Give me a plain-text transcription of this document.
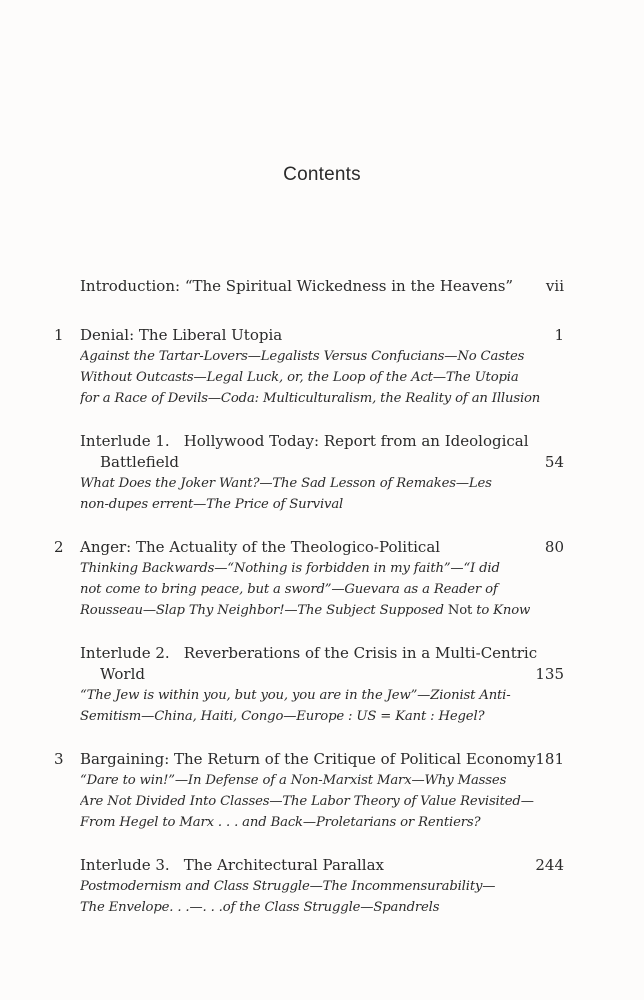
Contents
Introduction: “The Spiritual Wickedness in the Heavens”	vii
1 Denial: The Liberal Utopia	1
Against the Tartar-Lovers—Legalists Versus Confucians—No Castes
Without Outcasts—Legal Luck, or, the Loop of the Act—The Utopia
for a Race of Devils—Coda: Multiculturalism, the Reality of an Illusion
Interlude 1. Hollywood Today: Report from an Ideological
Battlefield	54
What Does the Joker Want?—The Sad Lesson of Remakes—Les
non-dupes errent—The Price of Survival
2 Anger: The Actuality of the Theologico-Political	80
Thinking Backwards—“Nothing is forbidden in my faith”—“I did
not come to bring peace, but a sword”—Guevara as a Reader of
Rousseau—Slap Thy Neighbor!—The Subject Supposed Not to Know
Interlude 2. Reverberations of the Crisis in a Multi-Centric
World	135
“The Jew is within you, but you, you are in the Jew”—Zionist Anti-
Semitism—China, Haiti, Congo—Europe : US = Kant : Hegel?
3 Bargaining: The Return of the Critique of Political Economy 181
“Dare to win!”—In Defense of a Non-Marxist Marx—Why Masses
Are Not Divided Into Classes—The Labor Theory of Value Revisited—
From Hegel to Marx . . . and Back—Proletarians or Rentiers?
Interlude 3. The Architectural Parallax	244
Postmodernism and Class Struggle—The Incommensurability—
The Envelope. . .—. . .of the Class Struggle—Spandrels
